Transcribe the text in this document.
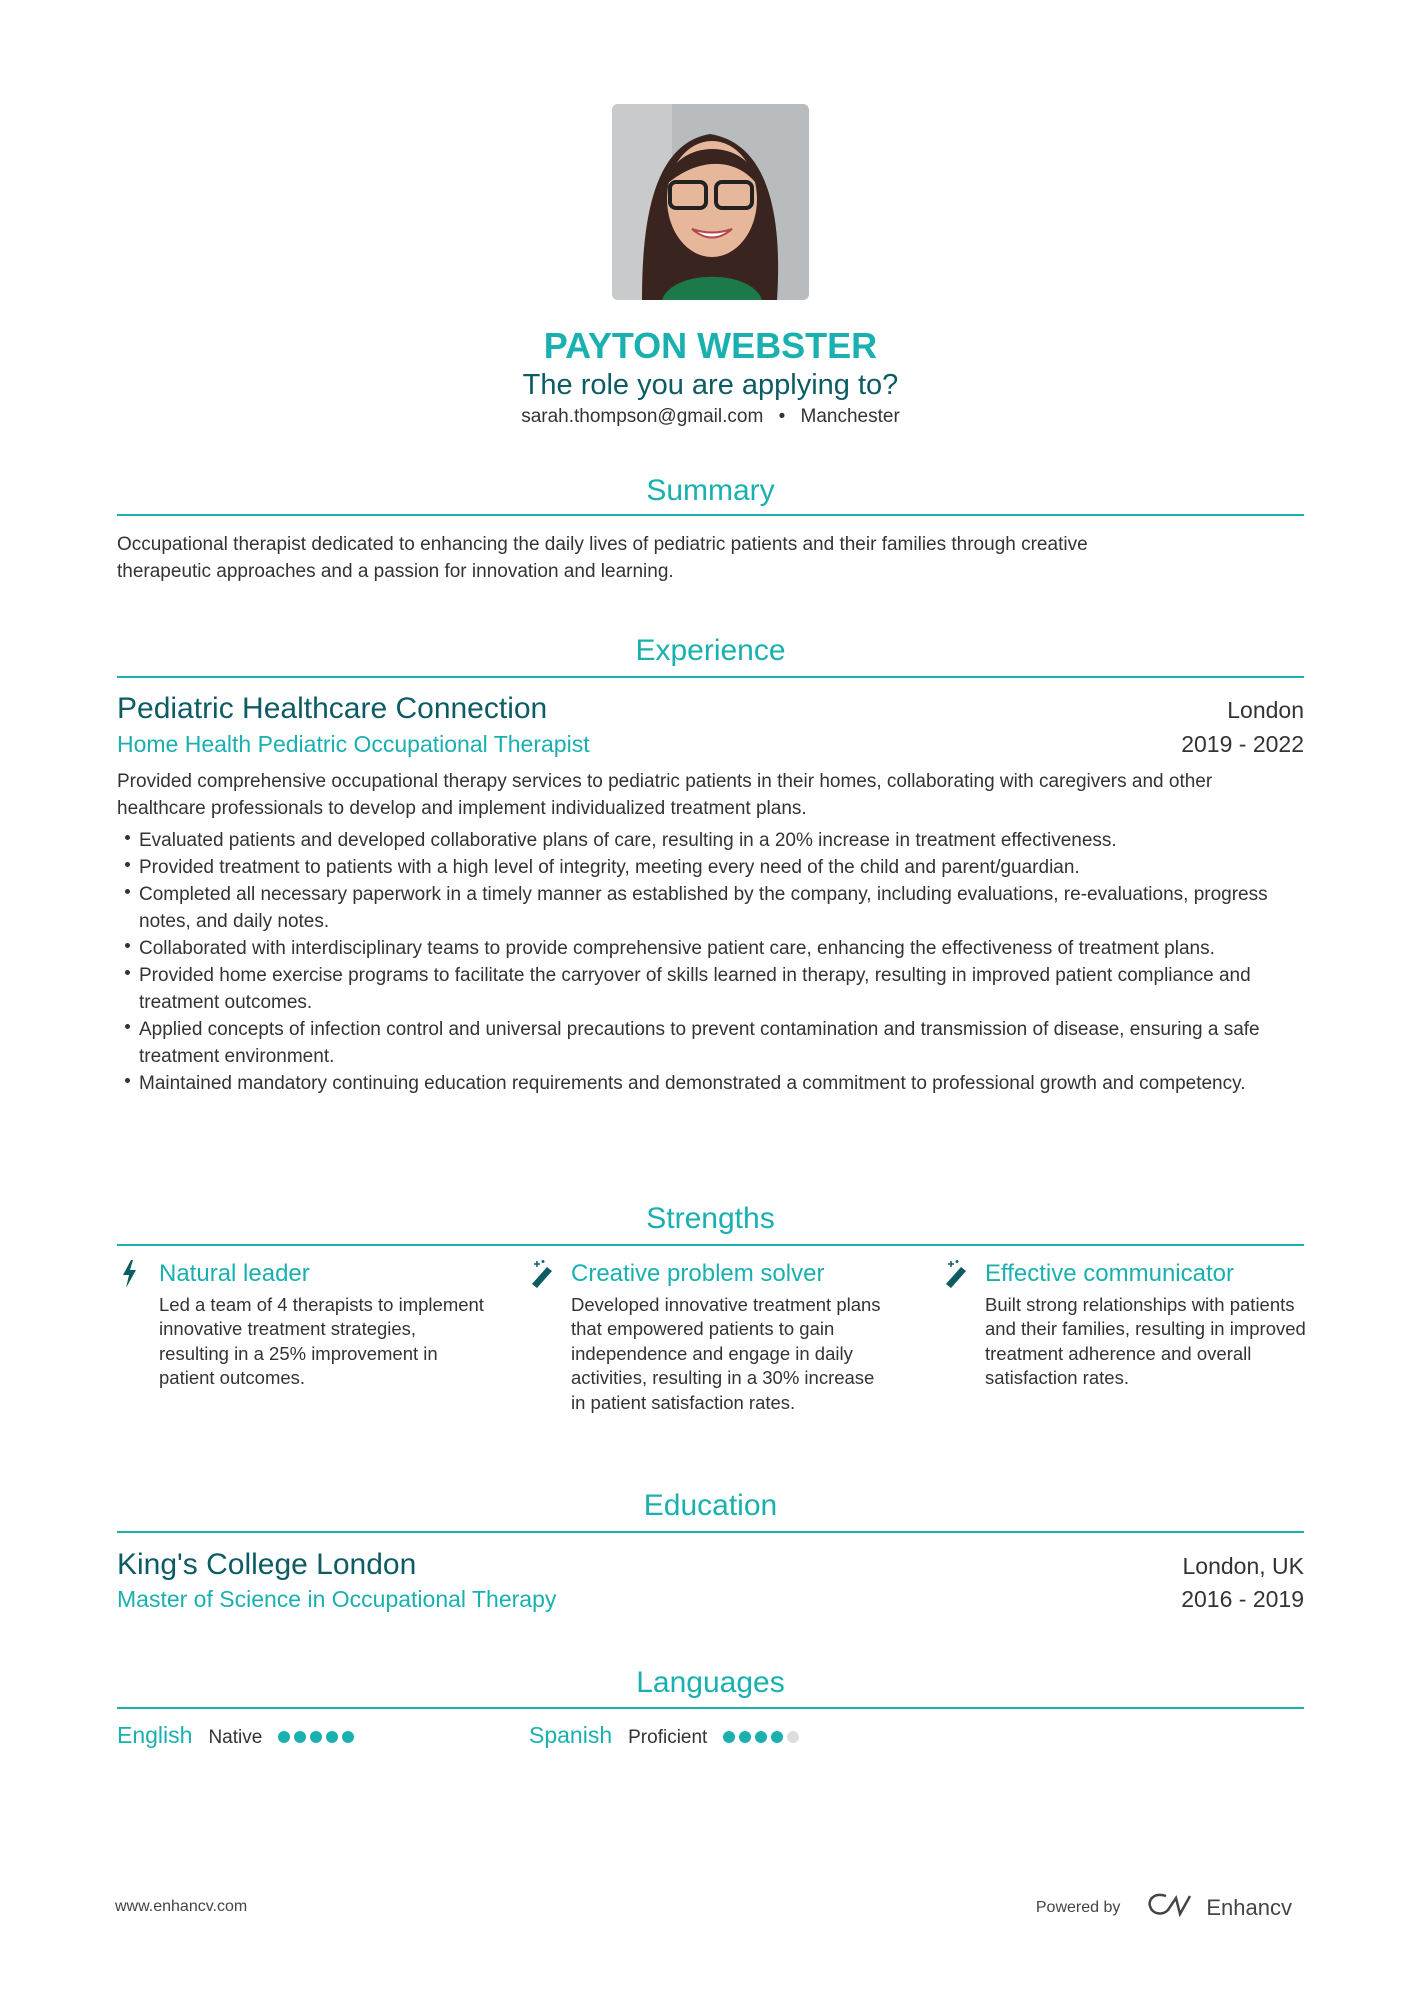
PAYTON WEBSTER
The role you are applying to?
sarah.thompson@gmail.com • Manchester
Summary
Occupational therapist dedicated to enhancing the daily lives of pediatric patients and their families through creative
therapeutic approaches and a passion for innovation and learning.
Experience
Pediatric Healthcare Connection	London
Home Health Pediatric Occupational Therapist	2019 - 2022
Provided comprehensive occupational therapy services to pediatric patients in their homes, collaborating with caregivers and other healthcare professionals to develop and implement individualized treatment plans.
Evaluated patients and developed collaborative plans of care, resulting in a 20% increase in treatment effectiveness.
Provided treatment to patients with a high level of integrity, meeting every need of the child and parent/guardian.
Completed all necessary paperwork in a timely manner as established by the company, including evaluations, re-evaluations, progress notes, and daily notes.
Collaborated with interdisciplinary teams to provide comprehensive patient care, enhancing the effectiveness of treatment plans.
Provided home exercise programs to facilitate the carryover of skills learned in therapy, resulting in improved patient compliance and treatment outcomes.
Applied concepts of infection control and universal precautions to prevent contamination and transmission of disease, ensuring a safe treatment environment.
Maintained mandatory continuing education requirements and demonstrated a commitment to professional growth and competency.
Strengths
Natural leader
Led a team of 4 therapists to implement innovative treatment strategies, resulting in a 25% improvement in patient outcomes.
Creative problem solver
Developed innovative treatment plans that empowered patients to gain independence and engage in daily activities, resulting in a 30% increase in patient satisfaction rates.
Effective communicator
Built strong relationships with patients and their families, resulting in improved treatment adherence and overall satisfaction rates.
Education
King's College London	London, UK
Master of Science in Occupational Therapy	2016 - 2019
Languages
English Native	Spanish Proficient
www.enhancv.com	Powered by	Enhancv
